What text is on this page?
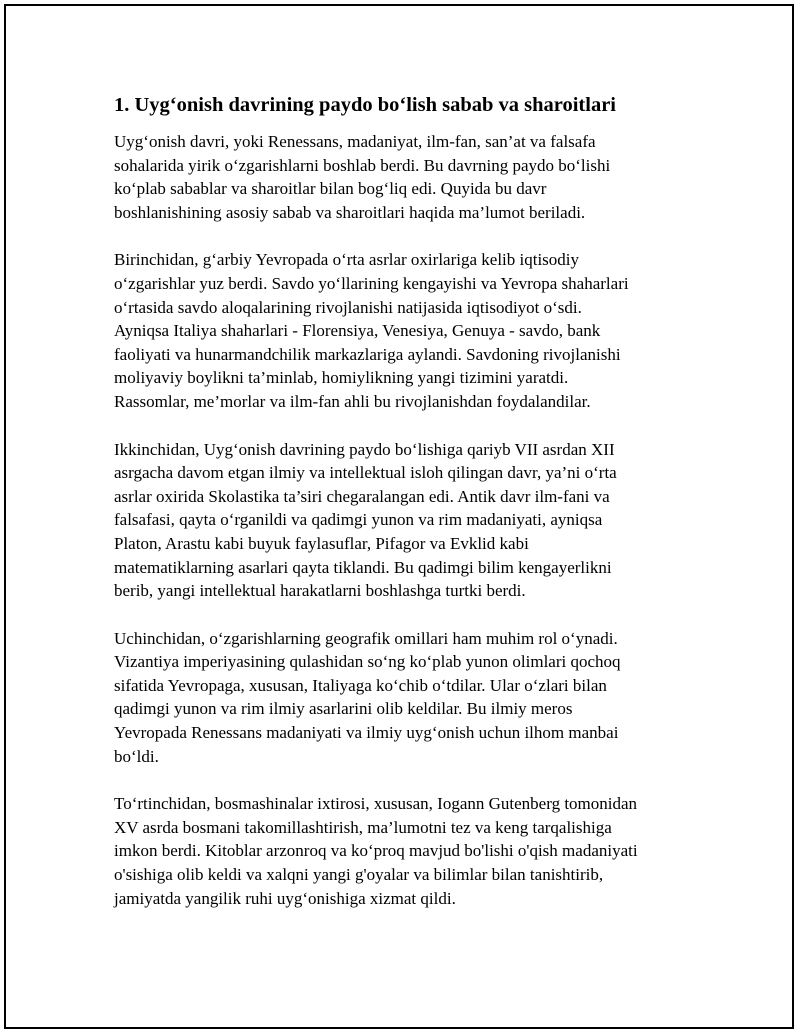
1. Uyg‘onish davrining paydo bo‘lish sabab va sharoitlari

Uyg‘onish davri, yoki Renessans, madaniyat, ilm-fan, san’at va falsafa
sohalarida yirik o‘zgarishlarni boshlab berdi. Bu davrning paydo bo‘lishi
ko‘plab sabablar va sharoitlar bilan bog‘liq edi. Quyida bu davr
boshlanishining asosiy sabab va sharoitlari haqida ma’lumot beriladi.

Birinchidan, g‘arbiy Yevropada o‘rta asrlar oxirlariga kelib iqtisodiy
o‘zgarishlar yuz berdi. Savdo yo‘llarining kengayishi va Yevropa shaharlari
o‘rtasida savdo aloqalarining rivojlanishi natijasida iqtisodiyot o‘sdi.
Ayniqsa Italiya shaharlari - Florensiya, Venesiya, Genuya - savdo, bank
faoliyati va hunarmandchilik markazlariga aylandi. Savdoning rivojlanishi
moliyaviy boylikni ta’minlab, homiylikning yangi tizimini yaratdi.
Rassomlar, me’morlar va ilm-fan ahli bu rivojlanishdan foydalandilar.

Ikkinchidan, Uyg‘onish davrining paydo bo‘lishiga qariyb VII asrdan XII
asrgacha davom etgan ilmiy va intellektual isloh qilingan davr, ya’ni o‘rta
asrlar oxirida Skolastika ta’siri chegaralangan edi. Antik davr ilm-fani va
falsafasi, qayta o‘rganildi va qadimgi yunon va rim madaniyati, ayniqsa
Platon, Arastu kabi buyuk faylasuflar, Pifagor va Evklid kabi
matematiklarning asarlari qayta tiklandi. Bu qadimgi bilim kengayerlikni
berib, yangi intellektual harakatlarni boshlashga turtki berdi.

Uchinchidan, o‘zgarishlarning geografik omillari ham muhim rol o‘ynadi.
Vizantiya imperiyasining qulashidan so‘ng ko‘plab yunon olimlari qochoq
sifatida Yevropaga, xususan, Italiyaga ko‘chib o‘tdilar. Ular o‘zlari bilan
qadimgi yunon va rim ilmiy asarlarini olib keldilar. Bu ilmiy meros
Yevropada Renessans madaniyati va ilmiy uyg‘onish uchun ilhom manbai
bo‘ldi.

To‘rtinchidan, bosmashinalar ixtirosi, xususan, Iogann Gutenberg tomonidan
XV asrda bosmani takomillashtirish, ma’lumotni tez va keng tarqalishiga
imkon berdi. Kitoblar arzonroq va ko‘proq mavjud bo'lishi o'qish madaniyati
o'sishiga olib keldi va xalqni yangi g'oyalar va bilimlar bilan tanishtirib,
jamiyatda yangilik ruhi uyg‘onishiga xizmat qildi.
